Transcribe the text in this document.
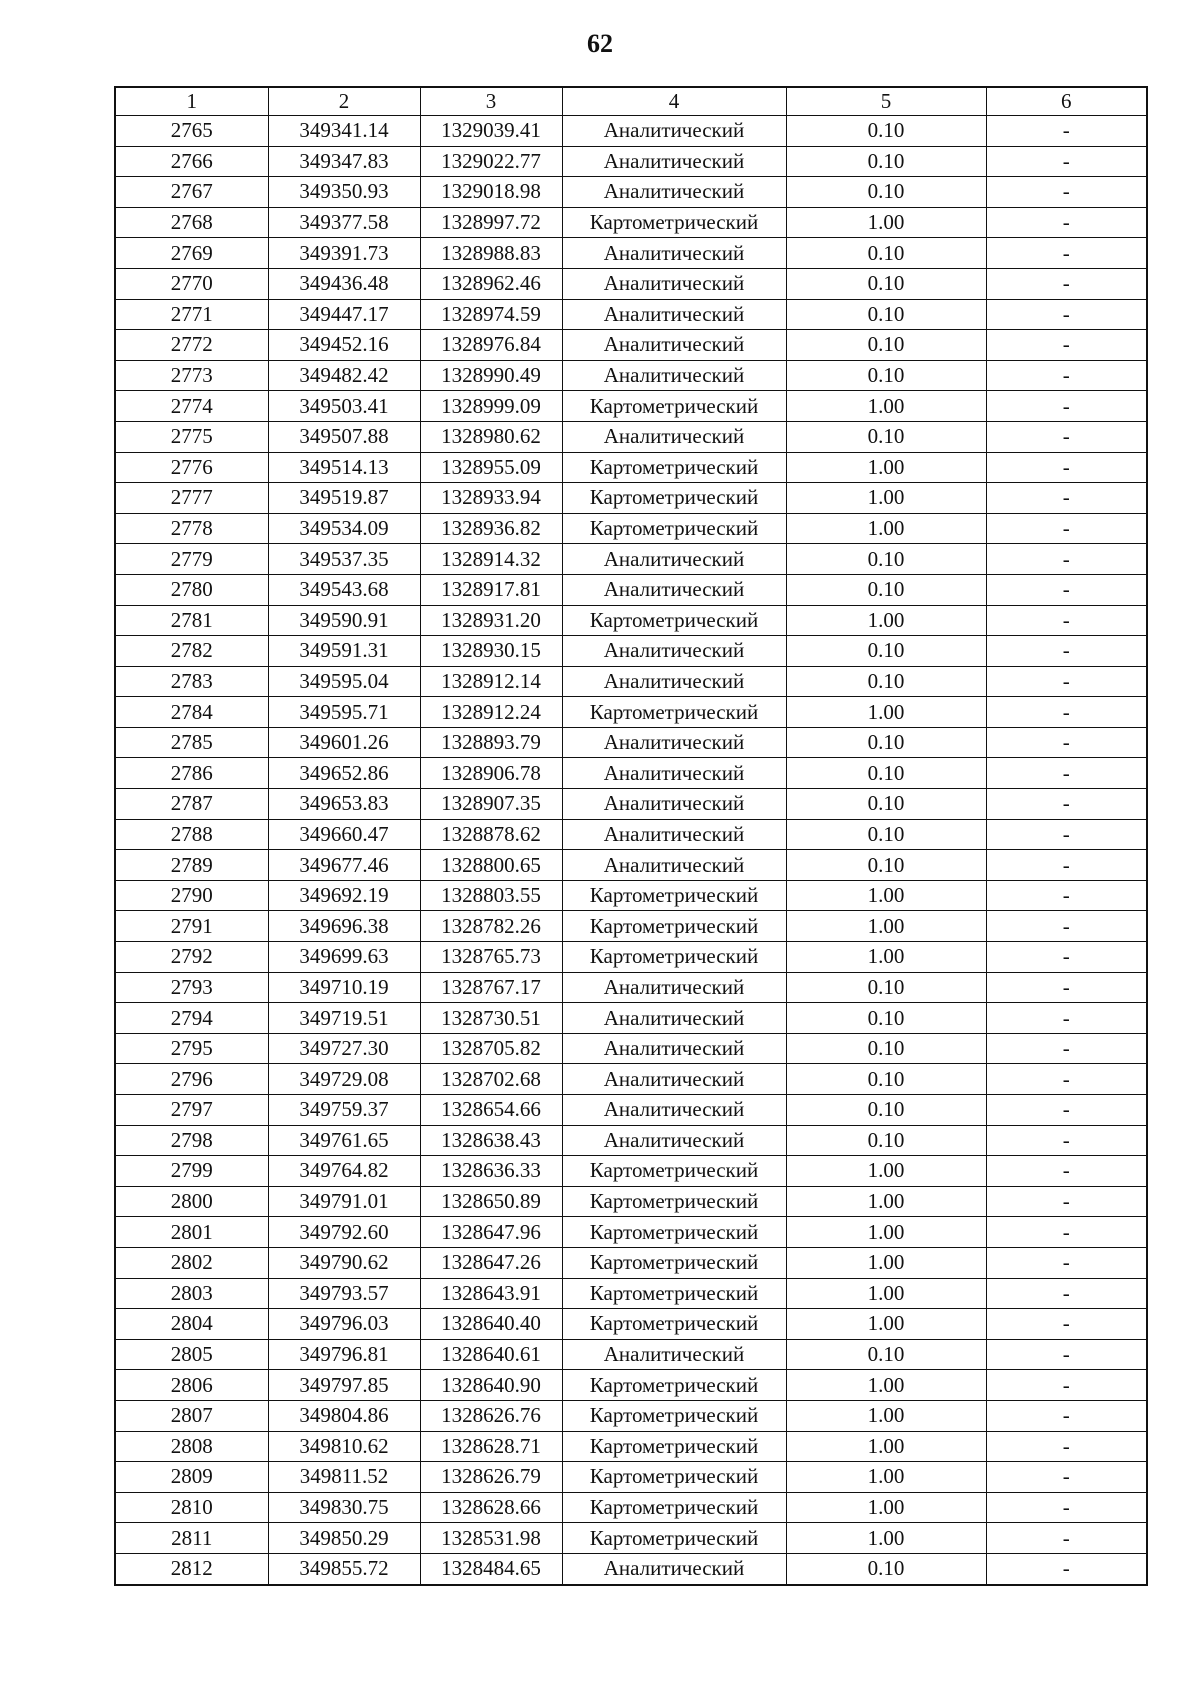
62
1	2	3	4	5	6
2765	349341.14	1329039.41	Аналитический	0.10	-
2766	349347.83	1329022.77	Аналитический	0.10	-
2767	349350.93	1329018.98	Аналитический	0.10	-
2768	349377.58	1328997.72	Картометрический	1.00	-
2769	349391.73	1328988.83	Аналитический	0.10	-
2770	349436.48	1328962.46	Аналитический	0.10	-
2771	349447.17	1328974.59	Аналитический	0.10	-
2772	349452.16	1328976.84	Аналитический	0.10	-
2773	349482.42	1328990.49	Аналитический	0.10	-
2774	349503.41	1328999.09	Картометрический	1.00	-
2775	349507.88	1328980.62	Аналитический	0.10	-
2776	349514.13	1328955.09	Картометрический	1.00	-
2777	349519.87	1328933.94	Картометрический	1.00	-
2778	349534.09	1328936.82	Картометрический	1.00	-
2779	349537.35	1328914.32	Аналитический	0.10	-
2780	349543.68	1328917.81	Аналитический	0.10	-
2781	349590.91	1328931.20	Картометрический	1.00	-
2782	349591.31	1328930.15	Аналитический	0.10	-
2783	349595.04	1328912.14	Аналитический	0.10	-
2784	349595.71	1328912.24	Картометрический	1.00	-
2785	349601.26	1328893.79	Аналитический	0.10	-
2786	349652.86	1328906.78	Аналитический	0.10	-
2787	349653.83	1328907.35	Аналитический	0.10	-
2788	349660.47	1328878.62	Аналитический	0.10	-
2789	349677.46	1328800.65	Аналитический	0.10	-
2790	349692.19	1328803.55	Картометрический	1.00	-
2791	349696.38	1328782.26	Картометрический	1.00	-
2792	349699.63	1328765.73	Картометрический	1.00	-
2793	349710.19	1328767.17	Аналитический	0.10	-
2794	349719.51	1328730.51	Аналитический	0.10	-
2795	349727.30	1328705.82	Аналитический	0.10	-
2796	349729.08	1328702.68	Аналитический	0.10	-
2797	349759.37	1328654.66	Аналитический	0.10	-
2798	349761.65	1328638.43	Аналитический	0.10	-
2799	349764.82	1328636.33	Картометрический	1.00	-
2800	349791.01	1328650.89	Картометрический	1.00	-
2801	349792.60	1328647.96	Картометрический	1.00	-
2802	349790.62	1328647.26	Картометрический	1.00	-
2803	349793.57	1328643.91	Картометрический	1.00	-
2804	349796.03	1328640.40	Картометрический	1.00	-
2805	349796.81	1328640.61	Аналитический	0.10	-
2806	349797.85	1328640.90	Картометрический	1.00	-
2807	349804.86	1328626.76	Картометрический	1.00	-
2808	349810.62	1328628.71	Картометрический	1.00	-
2809	349811.52	1328626.79	Картометрический	1.00	-
2810	349830.75	1328628.66	Картометрический	1.00	-
2811	349850.29	1328531.98	Картометрический	1.00	-
2812	349855.72	1328484.65	Аналитический	0.10	-
